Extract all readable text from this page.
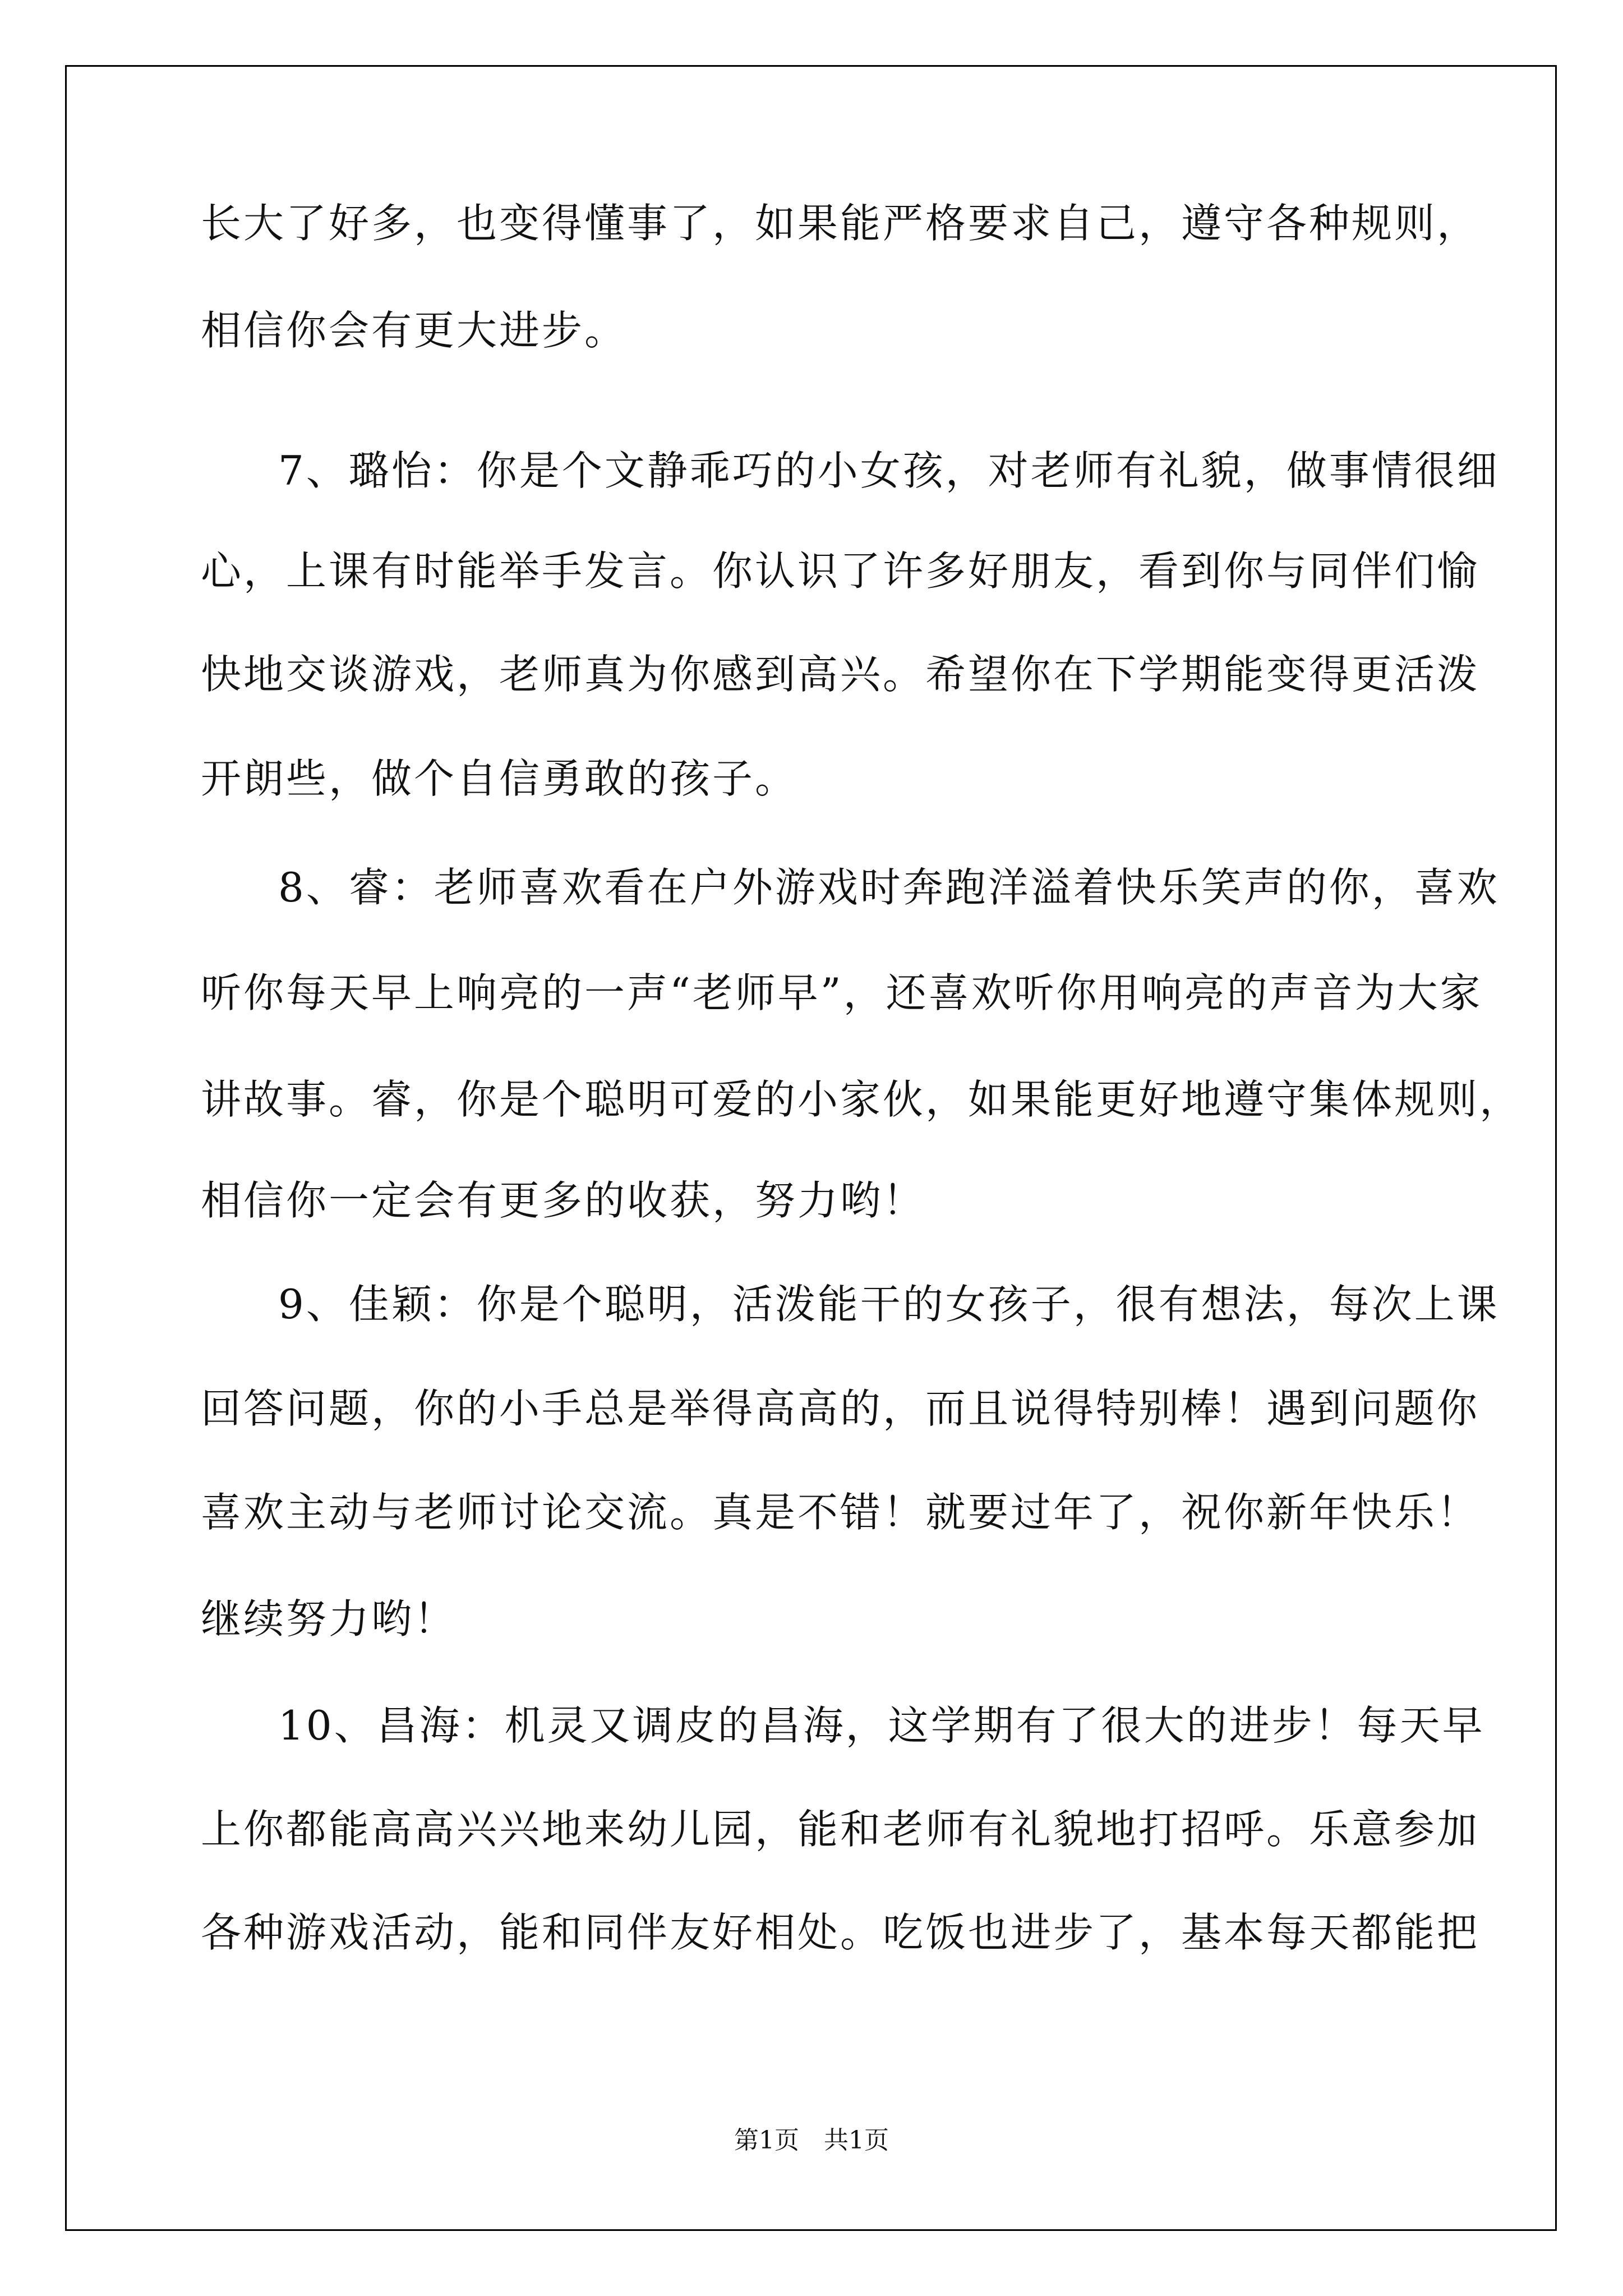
长大了好多，也变得懂事了，如果能严格要求自己，遵守各种规则，
相信你会有更大进步。
7、璐怡：你是个文静乖巧的小女孩，对老师有礼貌，做事情很细
心，上课有时能举手发言。你认识了许多好朋友，看到你与同伴们愉
快地交谈游戏，老师真为你感到高兴。希望你在下学期能变得更活泼
开朗些，做个自信勇敢的孩子。
8、睿：老师喜欢看在户外游戏时奔跑洋溢着快乐笑声的你，喜欢
听你每天早上响亮的一声“老师早”，还喜欢听你用响亮的声音为大家
讲故事。睿，你是个聪明可爱的小家伙，如果能更好地遵守集体规则，
相信你一定会有更多的收获，努力哟！
9、佳颖：你是个聪明，活泼能干的女孩子，很有想法，每次上课
回答问题，你的小手总是举得高高的，而且说得特别棒！遇到问题你
喜欢主动与老师讨论交流。真是不错！就要过年了，祝你新年快乐！
继续努力哟！
10、昌海：机灵又调皮的昌海，这学期有了很大的进步！每天早
上你都能高高兴兴地来幼儿园，能和老师有礼貌地打招呼。乐意参加
各种游戏活动，能和同伴友好相处。吃饭也进步了，基本每天都能把
第1页 共1页
